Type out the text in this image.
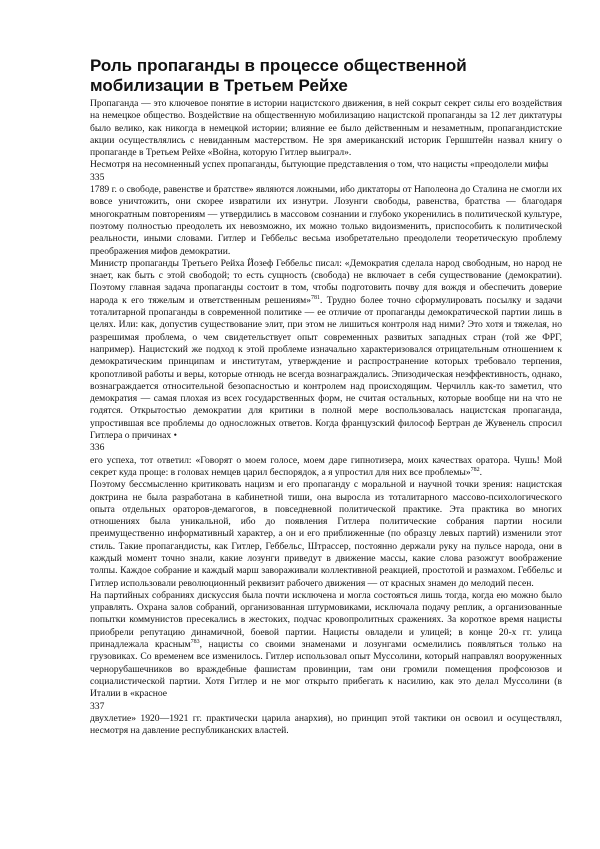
Роль пропаганды в процессе общественной мобилизации в Третьем Рейхе

Пропаганда — это ключевое понятие в истории нацистского движения, в ней сокрыт секрет силы его воздействия на немецкое общество. Воздействие на общественную мобилизацию нацистской пропаганды за 12 лет диктатуры было велико, как никогда в немецкой истории; влияние ее было действенным и незаметным, пропагандистские акции осуществлялись с невиданным мастерством. Не зря американский историк Гершштейн назвал книгу о пропаганде в Третьем Рейхе «Война, которую Гитлер выиграл».

Несмотря на несомненный успех пропаганды, бытующие представления о том, что нацисты «преодолели мифы

335

1789 г. о свободе, равенстве и братстве» являются ложными, ибо диктаторы от Наполеона до Сталина не смогли их вовсе уничтожить, они скорее извратили их изнутри. Лозунги свободы, равенства, братства — благодаря многократным повторениям — утвердились в массовом сознании и глубоко укоренились в политической культуре, поэтому полностью преодолеть их невозможно, их можно только видоизменить, приспособить к политической реальности, иными словами. Гитлер и Геббельс весьма изобретательно преодолели теоретическую проблему преображения мифов демократии.

Министр пропаганды Третьего Рейха Йозеф Геббельс писал: «Демократия сделала народ свободным, но народ не знает, как быть с этой свободой; то есть сущность (свобода) не включает в себя существование (демократии). Поэтому главная задача пропаганды состоит в том, чтобы подготовить почву для вождя и обеспечить доверие народа к его тяжелым и ответственным решениям»$^{781}$. Трудно более точно сформулировать посылку и задачи тоталитарной пропаганды в современной политике — ее отличие от пропаганды демократической партии лишь в целях. Или: как, допустив существование элит, при этом не лишиться контроля над ними? Это хотя и тяжелая, но разрешимая проблема, о чем свидетельствует опыт современных развитых западных стран (той же ФРГ, например). Нацистский же подход к этой проблеме изначально характеризовался отрицательным отношением к демократическим принципам и институтам, утверждение и распространение которых требовало терпения, кропотливой работы и веры, которые отнюдь не всегда вознаграждались. Эпизодическая неэффективность, однако, вознаграждается относительной безопасностью и контролем над происходящим. Черчилль как-то заметил, что демократия — самая плохая из всех государственных форм, не считая остальных, которые вообще ни на что не годятся. Открытостью демократии для критики в полной мере воспользовалась нацистская пропаганда, упростившая все проблемы до односложных ответов. Когда французский философ Бертран де Жувенель спросил Гитлера о причинах •

336

его успеха, тот ответил: «Говорят о моем голосе, моем даре гипнотизера, моих качествах оратора. Чушь! Мой секрет куда проще: в головах немцев царил беспорядок, а я упростил для них все проблемы»$^{782}$.

Поэтому бессмысленно критиковать нацизм и его пропаганду с моральной и научной точки зрения: нацистская доктрина не была разработана в кабинетной тиши, она выросла из тоталитарного массово-психологического опыта отдельных ораторов-демагогов, в повседневной политической практике. Эта практика во многих отношениях была уникальной, ибо до появления Гитлера политические собрания партии носили преимущественно информативный характер, а он и его приближенные (по образцу левых партий) изменили этот стиль. Такие пропагандисты, как Гитлер, Геббельс, Штрассер, постоянно держали руку на пульсе народа, они в каждый момент точно знали, какие лозунги приведут в движение массы, какие слова разожгут воображение толпы. Каждое собрание и каждый марш завораживали коллективной реакцией, простотой и размахом. Геббельс и Гитлер использовали революционный реквизит рабочего движения — от красных знамен до мелодий песен.

На партийных собраниях дискуссия была почти исключена и могла состояться лишь тогда, когда ею можно было управлять. Охрана залов собраний, организованная штурмовиками, исключала подачу реплик, а организованные попытки коммунистов пресекались в жестоких, подчас кровопролитных сражениях. За короткое время нацисты приобрели репутацию динамичной, боевой партии. Нацисты овладели и улицей; в конце 20-х гг. улица принадлежала красным$^{783}$, нацисты со своими знаменами и лозунгами осмелились появляться только на грузовиках. Со временем все изменилось. Гитлер использовал опыт Муссолини, который направлял вооруженных чернорубашечников во враждебные фашистам провинции, там они громили помещения профсоюзов и социалистической партии. Хотя Гитлер и не мог открыто прибегать к насилию, как это делал Муссолини (в Италии в «красное

337

двухлетие» 1920—1921 гг. практически царила анархия), но принцип этой тактики он освоил и осуществлял, несмотря на давление республиканских властей.
